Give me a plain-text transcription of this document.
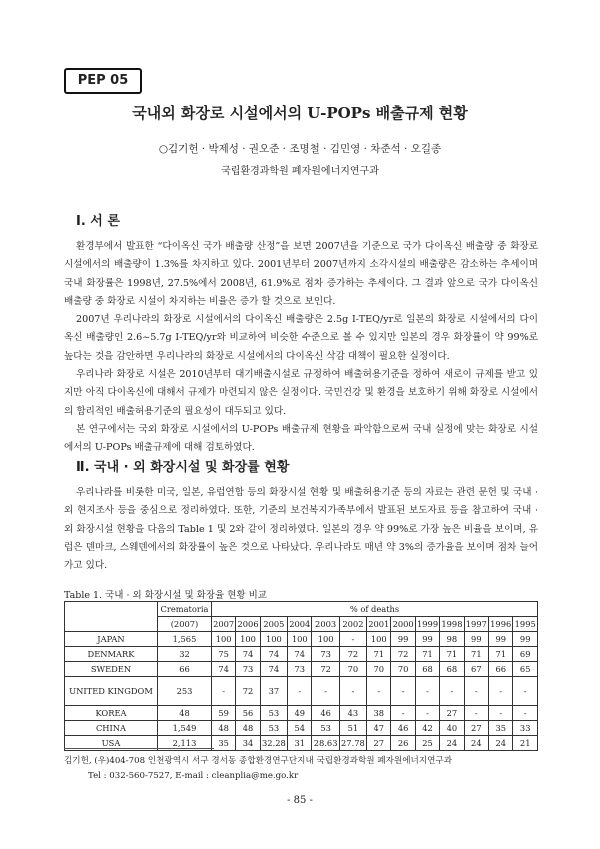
PEP 05
국내외 화장로 시설에서의 U-POPs 배출규제 현황
○김기헌 · 박제성 · 권오준 · 조명철 · 김민영 · 차준석 · 오길종
국립환경과학원 폐자원에너지연구과
Ⅰ. 서 론

환경부에서 발표한 “다이옥신 국가 배출량 산정”을 보면 2007년을 기준으로 국가 다이옥신 배출량 중 화장로 시설에서의 배출량이 1.3%를 차지하고 있다. 2001년부터 2007년까지 소각시설의 배출량은 감소하는 추세이며 국내 화장률은 1998년, 27.5%에서 2008년, 61.9%로 점차 증가하는 추세이다. 그 결과 앞으로 국가 다이옥신 배출량 중 화장로 시설이 차지하는 비율은 증가 할 것으로 보인다.

2007년 우리나라의 화장로 시설에서의 다이옥신 배출량은 2.5g I-TEQ/yr로 일본의 화장로 시설에서의 다이옥신 배출량인 2.6~5.7g I-TEQ/yr와 비교하여 비슷한 수준으로 볼 수 있지만 일본의 경우 화장률이 약 99%로 높다는 것을 감안하면 우리나라의 화장로 시설에서의 다이옥신 삭감 대책이 필요한 실정이다.

우리나라 화장로 시설은 2010년부터 대기배출시설로 규정하여 배출허용기준을 정하여 새로이 규제를 받고 있지만 아직 다이옥신에 대해서 규제가 마련되지 않은 실정이다. 국민건강 및 환경을 보호하기 위해 화장로 시설에서의 합리적인 배출허용기준의 필요성이 대두되고 있다.

본 연구에서는 국외 화장로 시설에서의 U-POPs 배출규제 현황을 파악함으로써 국내 실정에 맞는 화장로 시설에서의 U-POPs 배출규제에 대해 검토하였다.

Ⅱ. 국내 · 외 화장시설 및 화장률 현황

우리나라를 비롯한 미국, 일본, 유럽연합 등의 화장시설 현황 및 배출허용기준 등의 자료는 관련 문헌 및 국내 · 외 현지조사 등을 중심으로 정리하였다. 또한, 기준의 보건복지가족부에서 발표된 보도자료 등을 참고하여 국내 · 외 화장시설 현황을 다음의 Table 1 및 2와 같이 정리하였다. 일본의 경우 약 99%로 가장 높은 비율을 보이며, 유럽은 덴마크, 스웨덴에서의 화장률이 높은 것으로 나타났다. 우리나라도 매년 약 3%의 증가율을 보이며 점차 늘어가고 있다.

Table 1. 국내 · 외 화장시설 및 화장율 현황 비교
	Crematoria	% of deaths												
	(2007)	2007	2006	2005	2004	2003	2002	2001	2000	1999	1998	1997	1996	1995
JAPAN	1,565	100	100	100	100	100	-	100	99	99	98	99	99	99
DENMARK	32	75	74	74	74	73	72	71	72	71	71	71	71	69
SWEDEN	66	74	73	74	73	72	70	70	70	68	68	67	66	65
UNITED KINGDOM	253	-	72	37	-	-	-	-	-	-	-	-	-	-
KOREA	48	59	56	53	49	46	43	38	-	-	27	-	-	-
CHINA	1,549	48	48	53	54	53	51	47	46	42	40	27	35	33
USA	2,113	35	34	32.28	31	28.63	27.78	27	26	25	24	24	24	21
김기헌, (우)404-708 인천광역시 서구 경서동 종합환경연구단지내 국립환경과학원 폐자원에너지연구과
Tel : 032-560-7527, E-mail : cleanplia@me.go.kr
- 85 -
